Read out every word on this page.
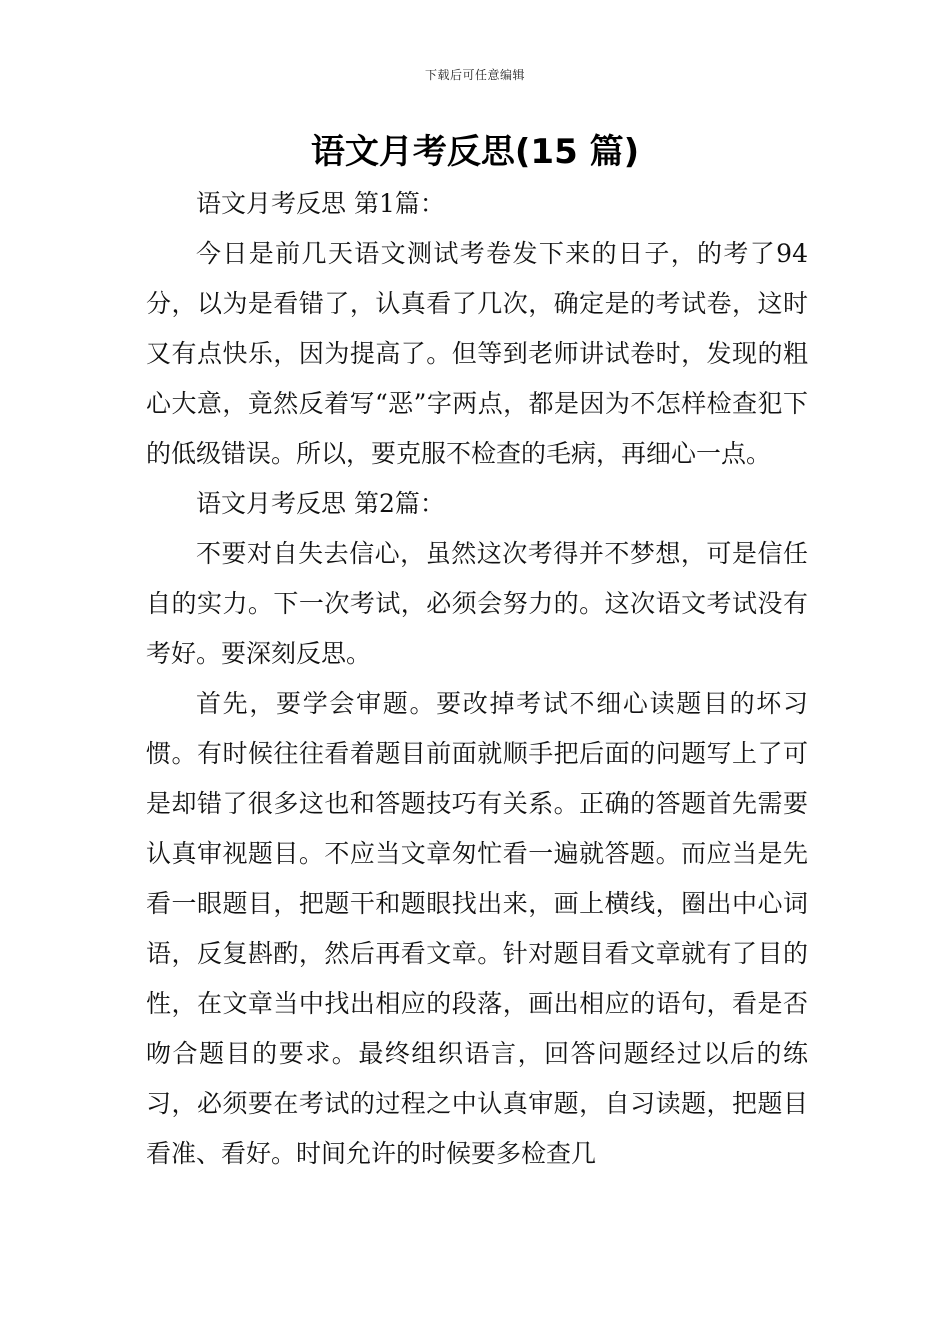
下载后可任意编辑
语文月考反思(15 篇)

语文月考反思 第1篇：

今日是前几天语文测试考卷发下来的日子，的考了94分，以为是看错了，认真看了几次，确定是的考试卷，这时又有点快乐，因为提高了。但等到老师讲试卷时，发现的粗心大意，竟然反着写“恶”字两点，都是因为不怎样检查犯下的低级错误。所以，要克服不检查的毛病，再细心一点。

语文月考反思 第2篇：

不要对自失去信心，虽然这次考得并不梦想，可是信任自的实力。下一次考试，必须会努力的。这次语文考试没有考好。要深刻反思。

首先，要学会审题。要改掉考试不细心读题目的坏习惯。有时候往往看着题目前面就顺手把后面的问题写上了可是却错了很多这也和答题技巧有关系。正确的答题首先需要认真审视题目。不应当文章匆忙看一遍就答题。而应当是先看一眼题目，把题干和题眼找出来，画上横线，圈出中心词语，反复斟酌，然后再看文章。针对题目看文章就有了目的性，在文章当中找出相应的段落，画出相应的语句，看是否吻合题目的要求。最终组织语言，回答问题经过以后的练习，必须要在考试的过程之中认真审题，自习读题，把题目看准、看好。时间允许的时候要多检查几
